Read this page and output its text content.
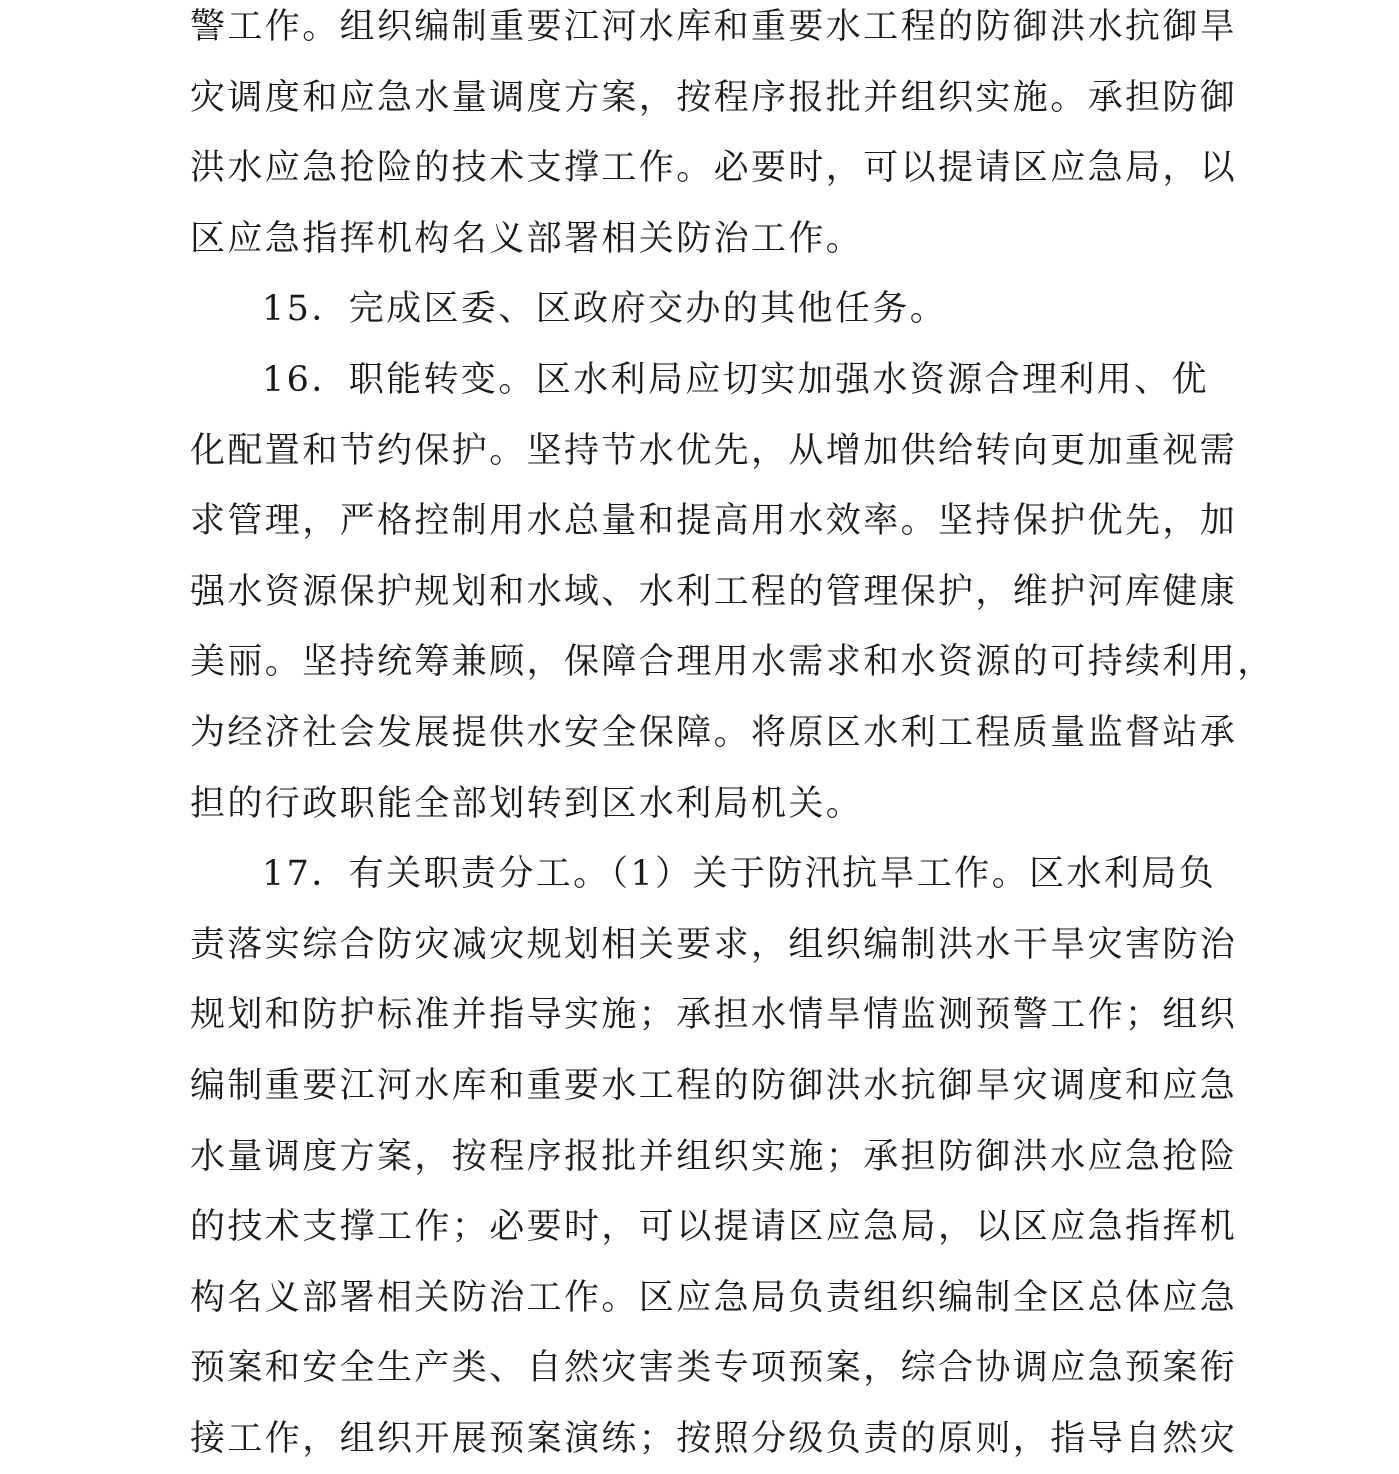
警工作。组织编制重要江河水库和重要水工程的防御洪水抗御旱
灾调度和应急水量调度方案，按程序报批并组织实施。承担防御
洪水应急抢险的技术支撑工作。必要时，可以提请区应急局，以
区应急指挥机构名义部署相关防治工作。
15．完成区委、区政府交办的其他任务。
16．职能转变。区水利局应切实加强水资源合理利用、优
化配置和节约保护。坚持节水优先，从增加供给转向更加重视需
求管理，严格控制用水总量和提高用水效率。坚持保护优先，加
强水资源保护规划和水域、水利工程的管理保护，维护河库健康
美丽。坚持统筹兼顾，保障合理用水需求和水资源的可持续利用，
为经济社会发展提供水安全保障。将原区水利工程质量监督站承
担的行政职能全部划转到区水利局机关。
17．有关职责分工。（1）关于防汛抗旱工作。区水利局负
责落实综合防灾减灾规划相关要求，组织编制洪水干旱灾害防治
规划和防护标准并指导实施；承担水情旱情监测预警工作；组织
编制重要江河水库和重要水工程的防御洪水抗御旱灾调度和应急
水量调度方案，按程序报批并组织实施；承担防御洪水应急抢险
的技术支撑工作；必要时，可以提请区应急局，以区应急指挥机
构名义部署相关防治工作。区应急局负责组织编制全区总体应急
预案和安全生产类、自然灾害类专项预案，综合协调应急预案衔
接工作，组织开展预案演练；按照分级负责的原则，指导自然灾
